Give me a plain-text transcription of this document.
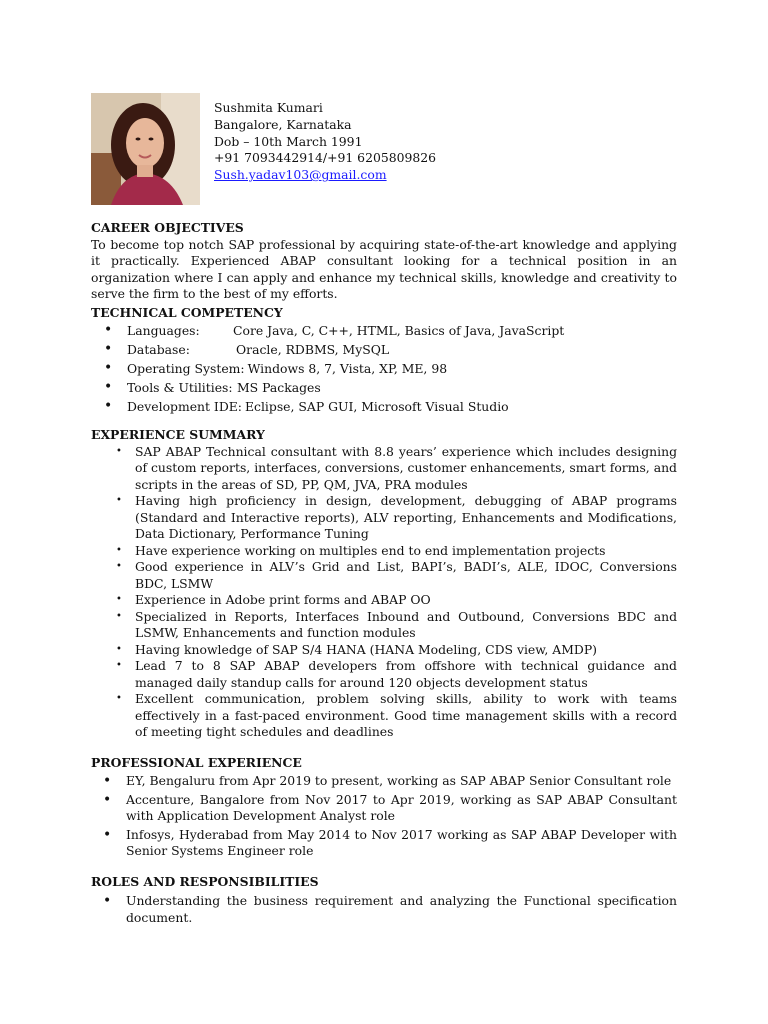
Sushmita Kumari
Bangalore, Karnataka
Dob – 10th March 1991
+91 7093442914/+91 6205809826
Sush.yadav103@gmail.com

CAREER OBJECTIVES

To become top notch SAP professional by acquiring state-of-the-art knowledge and applying it practically. Experienced ABAP consultant looking for a technical position in an organization where I can apply and enhance my technical skills, knowledge and creativity to serve the firm to the best of my efforts.

TECHNICAL COMPETENCY

• Languages:	Core Java, C, C++, HTML, Basics of Java, JavaScript
• Database:	Oracle, RDBMS, MySQL
• Operating System: Windows 8, 7, Vista, XP, ME, 98
• Tools & Utilities: MS Packages
• Development IDE: Eclipse, SAP GUI, Microsoft Visual Studio

EXPERIENCE SUMMARY

• SAP ABAP Technical consultant with 8.8 years’ experience which includes designing of custom reports, interfaces, conversions, customer enhancements, smart forms, and scripts in the areas of SD, PP, QM, JVA, PRA modules
• Having high proficiency in design, development, debugging of ABAP programs (Standard and Interactive reports), ALV reporting, Enhancements and Modifications, Data Dictionary, Performance Tuning
• Have experience working on multiples end to end implementation projects
• Good experience in ALV’s Grid and List, BAPI’s, BADI’s, ALE, IDOC, Conversions BDC, LSMW
• Experience in Adobe print forms and ABAP OO
• Specialized in Reports, Interfaces Inbound and Outbound, Conversions BDC and LSMW, Enhancements and function modules
• Having knowledge of SAP S/4 HANA (HANA Modeling, CDS view, AMDP)
• Lead 7 to 8 SAP ABAP developers from offshore with technical guidance and managed daily standup calls for around 120 objects development status
• Excellent communication, problem solving skills, ability to work with teams effectively in a fast-paced environment. Good time management skills with a record of meeting tight schedules and deadlines

PROFESSIONAL EXPERIENCE

• EY, Bengaluru from Apr 2019 to present, working as SAP ABAP Senior Consultant role
• Accenture, Bangalore from Nov 2017 to Apr 2019, working as SAP ABAP Consultant with Application Development Analyst role
• Infosys, Hyderabad from May 2014 to Nov 2017 working as SAP ABAP Developer with Senior Systems Engineer role

ROLES AND RESPONSIBILITIES

• Understanding the business requirement and analyzing the Functional specification document.
